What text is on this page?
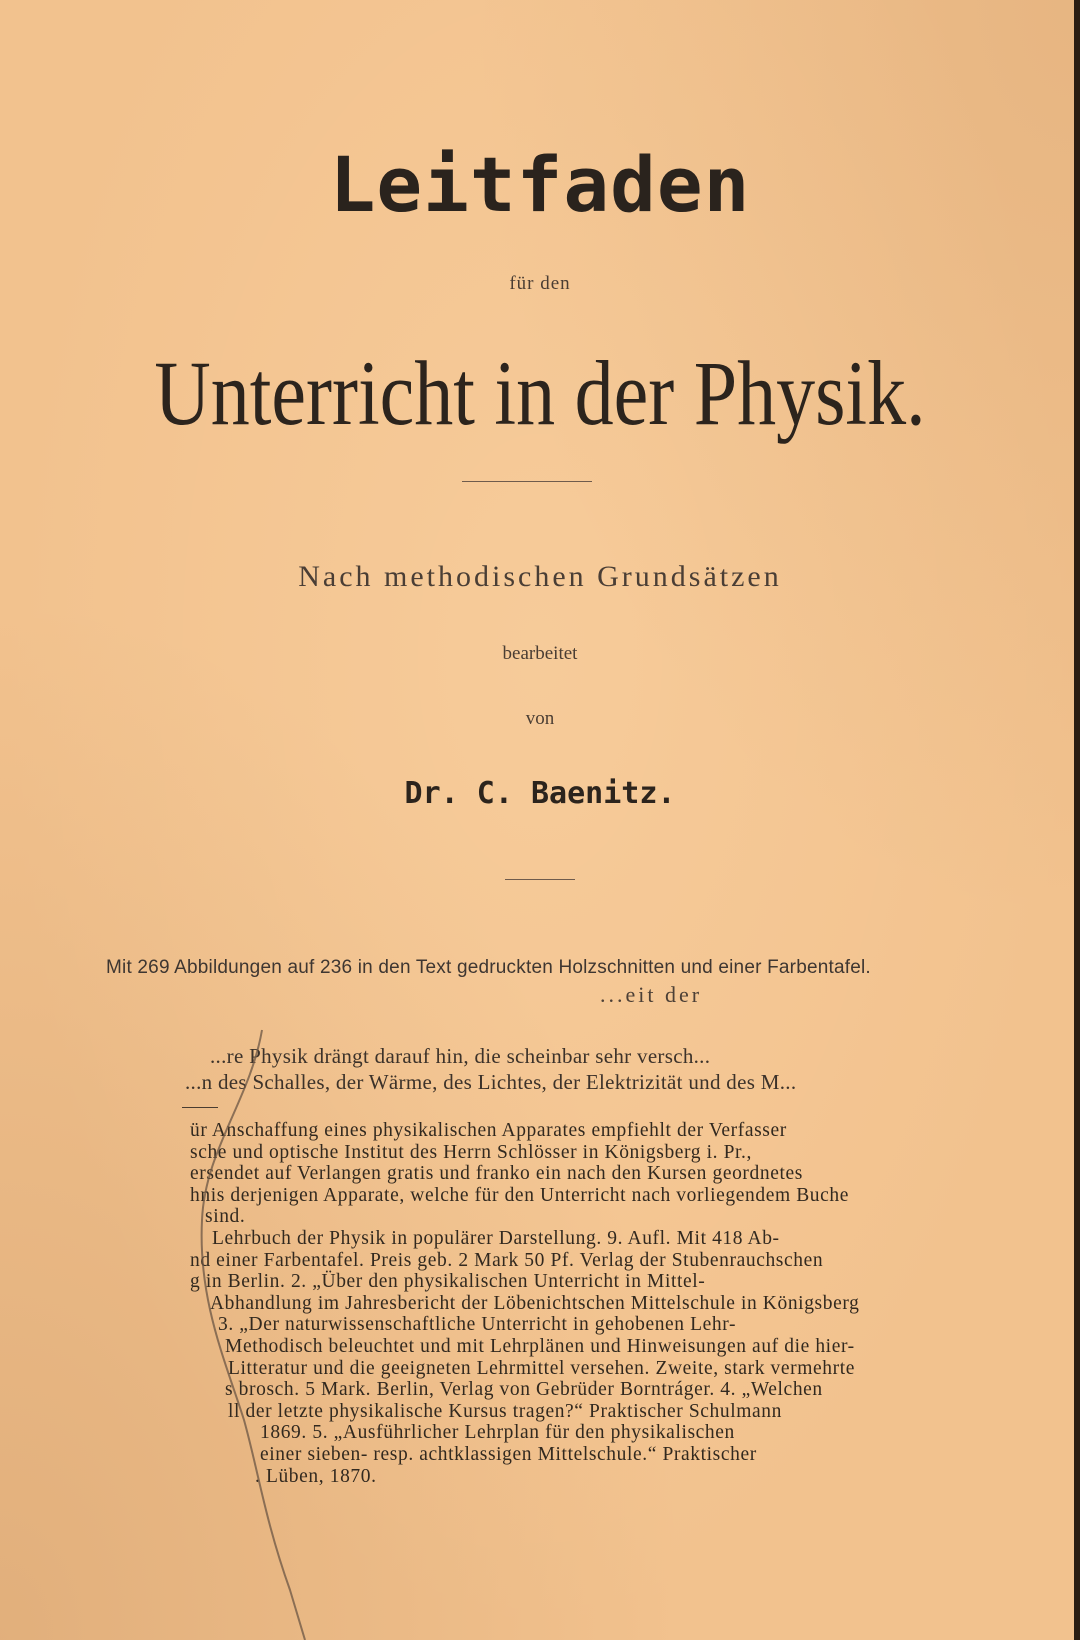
Leitfaden
für den
Unterricht in der Physik.
Nach methodischen Grundsätzen
bearbeitet
von
Dr. C. Baenitz.
Mit 269 Abbildungen auf 236 in den Text gedruckten Holzschnitten und einer Farbentafel.
...eit der
...re Physik drängt darauf hin, die scheinbar sehr versch...
...n des Schalles, der Wärme, des Lichtes, der Elektrizität und des M...
ür Anschaffung eines physikalischen Apparates empfiehlt der Verfasser
sche und optische Institut des Herrn Schlösser in Königsberg i. Pr.,
ersendet auf Verlangen gratis und franko ein nach den Kursen geordnetes
hnis derjenigen Apparate, welche für den Unterricht nach vorliegendem Buche
sind.
Lehrbuch der Physik in populärer Darstellung. 9. Aufl. Mit 418 Ab-
nd einer Farbentafel. Preis geb. 2 Mark 50 Pf. Verlag der Stubenrauchschen
g in Berlin. 2. „Über den physikalischen Unterricht in Mittel-
Abhandlung im Jahresbericht der Löbenichtschen Mittelschule in Königsberg
3. „Der naturwissenschaftliche Unterricht in gehobenen Lehr-
Methodisch beleuchtet und mit Lehrplänen und Hinweisungen auf die hier-
Litteratur und die geeigneten Lehrmittel versehen. Zweite, stark vermehrte
s brosch. 5 Mark. Berlin, Verlag von Gebrüder Borntráger. 4. „Welchen
ll der letzte physikalische Kursus tragen?“ Praktischer Schulmann
1869. 5. „Ausführlicher Lehrplan für den physikalischen
einer sieben- resp. achtklassigen Mittelschule.“ Praktischer
. Lüben, 1870.
